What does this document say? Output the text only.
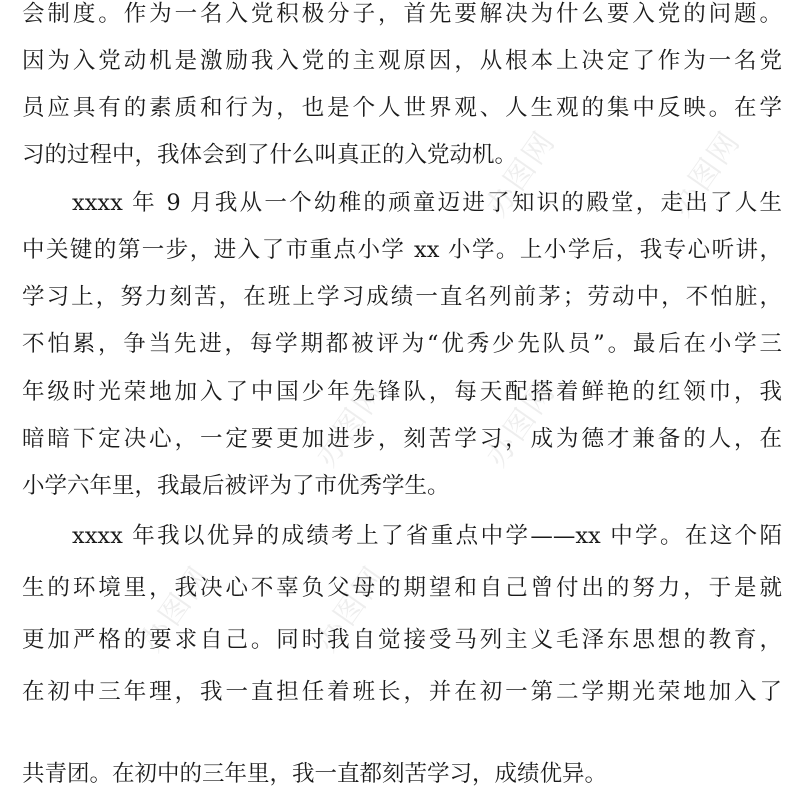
办图网	办图网
办图网	办图网
办图网	办图网
会制度。作为一名入党积极分子，首先要解决为什么要入党的问题。
因为入党动机是激励我入党的主观原因，从根本上决定了作为一名党
员应具有的素质和行为，也是个人世界观、人生观的集中反映。在学
习的过程中，我体会到了什么叫真正的入党动机。
xxxx 年 9 月我从一个幼稚的顽童迈进了知识的殿堂，走出了人生
中关键的第一步，进入了市重点小学 xx 小学。上小学后，我专心听讲，
学习上，努力刻苦，在班上学习成绩一直名列前茅；劳动中，不怕脏，
不怕累，争当先进，每学期都被评为“优秀少先队员”。最后在小学三
年级时光荣地加入了中国少年先锋队，每天配搭着鲜艳的红领巾，我
暗暗下定决心，一定要更加进步，刻苦学习，成为德才兼备的人，在
小学六年里，我最后被评为了市优秀学生。
xxxx 年我以优异的成绩考上了省重点中学——xx 中学。在这个陌
生的环境里，我决心不辜负父母的期望和自己曾付出的努力，于是就
更加严格的要求自己。同时我自觉接受马列主义毛泽东思想的教育，
在初中三年理，我一直担任着班长，并在初一第二学期光荣地加入了
共青团。在初中的三年里，我一直都刻苦学习，成绩优异。
